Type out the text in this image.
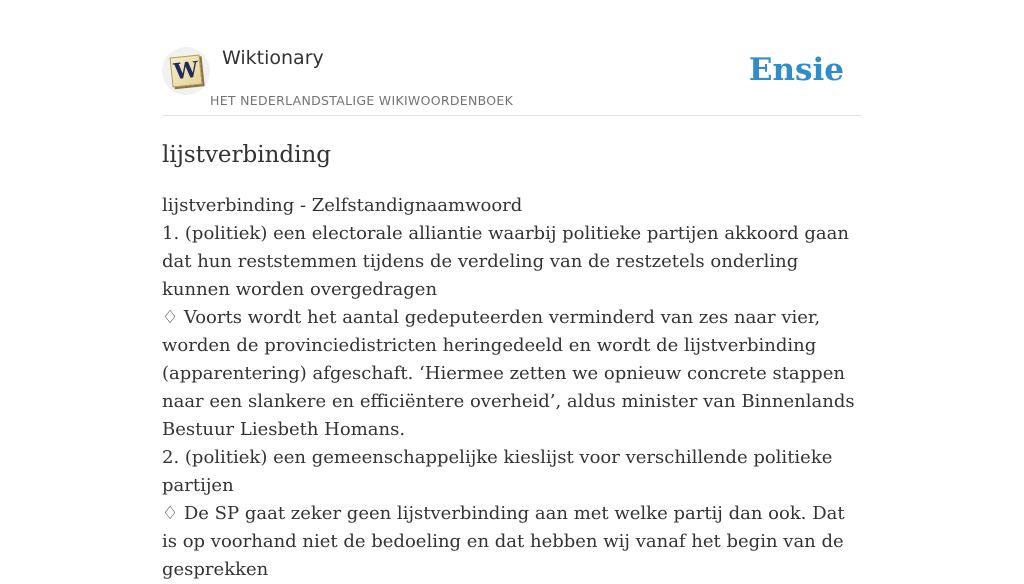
W Wiktionary
HET NEDERLANDSTALIGE WIKIWOORDENBOEK
Ensie
lijstverbinding
lijstverbinding - Zelfstandignaamwoord
1. (politiek) een electorale alliantie waarbij politieke partijen akkoord gaan dat hun reststemmen tijdens de verdeling van de restzetels onderling kunnen worden overgedragen
♢ Voorts wordt het aantal gedeputeerden verminderd van zes naar vier, worden de provinciedistricten heringedeeld en wordt de lijstverbinding (apparentering) afgeschaft. ‘Hiermee zetten we opnieuw concrete stappen naar een slankere en efficiëntere overheid’, aldus minister van Binnenlands Bestuur Liesbeth Homans.
2. (politiek) een gemeenschappelijke kieslijst voor verschillende politieke partijen
♢ De SP gaat zeker geen lijstverbinding aan met welke partij dan ook. Dat is op voorhand niet de bedoeling en dat hebben wij vanaf het begin van de gesprekken
